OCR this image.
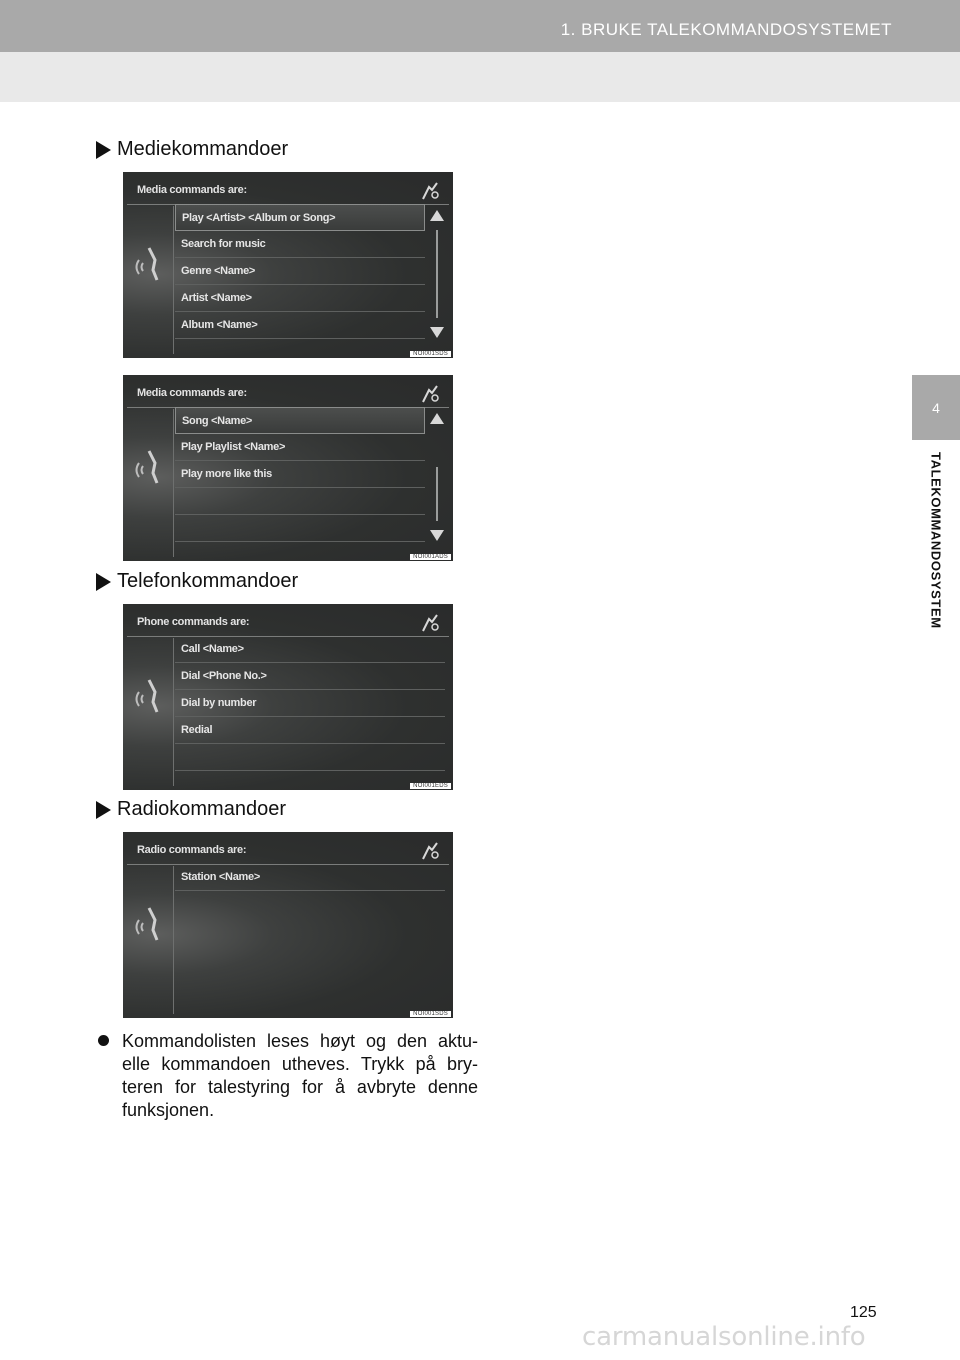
1. BRUKE TALEKOMMANDOSYSTEMET
4
TALEKOMMANDOSYSTEM
Mediekommandoer
Media commands are:
Play <Artist> <Album or Song>
Search for music
Genre <Name>
Artist <Name>
Album <Name>
NOI001SDS
Media commands are:
Song <Name>
Play Playlist <Name>
Play more like this
NOI001ADS
Telefonkommandoer
Phone commands are:
Call <Name>
Dial <Phone No.>
Dial by number
Redial
NOI001EDS
Radiokommandoer
Radio commands are:
Station <Name>
NOI001SDS
Kommandolisten leses høyt og den aktu- elle kommandoen utheves. Trykk på bry- teren for talestyring for å avbryte denne funksjonen.
125
carmanualsonline.info
